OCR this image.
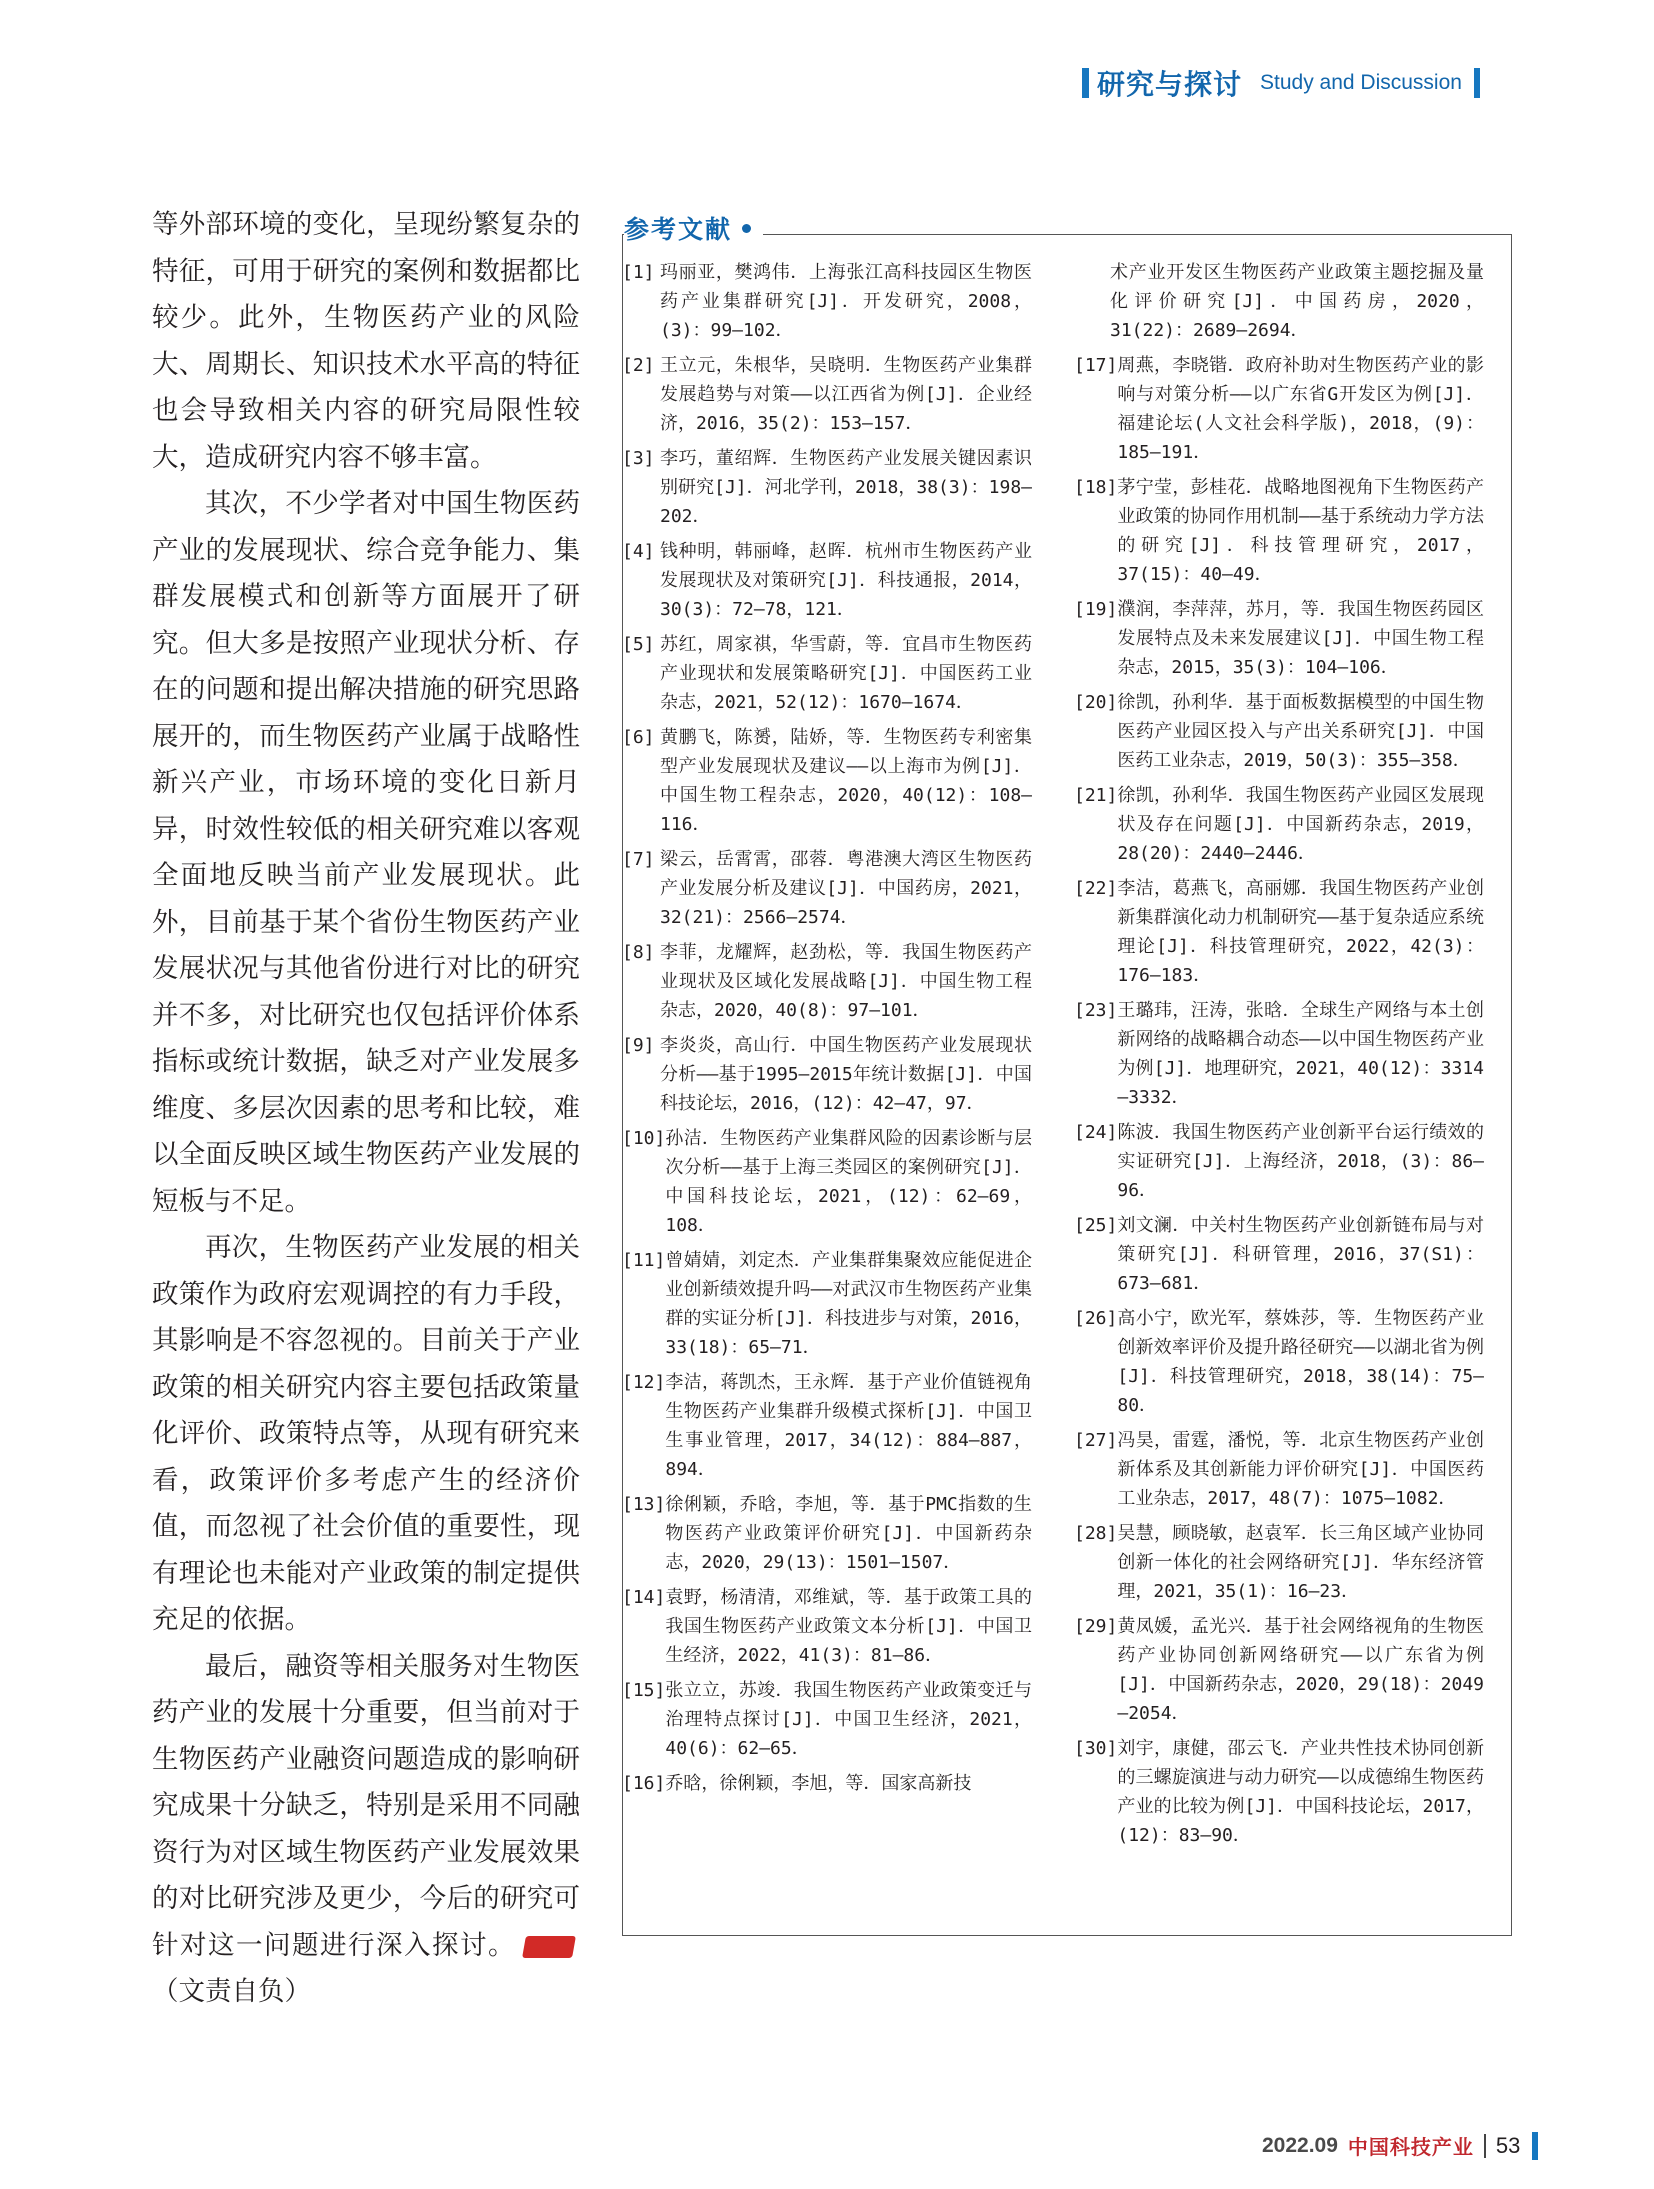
研究与探讨 Study and Discussion

等外部环境的变化，呈现纷繁复杂的特征，可用于研究的案例和数据都比较少。此外，生物医药产业的风险大、周期长、知识技术水平高的特征也会导致相关内容的研究局限性较大，造成研究内容不够丰富。

其次，不少学者对中国生物医药产业的发展现状、综合竞争能力、集群发展模式和创新等方面展开了研究。但大多是按照产业现状分析、存在的问题和提出解决措施的研究思路展开的，而生物医药产业属于战略性新兴产业，市场环境的变化日新月异，时效性较低的相关研究难以客观全面地反映当前产业发展现状。此外，目前基于某个省份生物医药产业发展状况与其他省份进行对比的研究并不多，对比研究也仅包括评价体系指标或统计数据，缺乏对产业发展多维度、多层次因素的思考和比较，难以全面反映区域生物医药产业发展的短板与不足。

再次，生物医药产业发展的相关政策作为政府宏观调控的有力手段，其影响是不容忽视的。目前关于产业政策的相关研究内容主要包括政策量化评价、政策特点等，从现有研究来看，政策评价多考虑产生的经济价值，而忽视了社会价值的重要性，现有理论也未能对产业政策的制定提供充足的依据。

最后，融资等相关服务对生物医药产业的发展十分重要，但当前对于生物医药产业融资问题造成的影响研究成果十分缺乏，特别是采用不同融资行为对区域生物医药产业发展效果的对比研究涉及更少，今后的研究可针对这一问题进行深入探讨。	STIC（文责自负）

参考文献
[1] 玛丽亚，樊鸿伟．上海张江高科技园区生物医药产业集群研究[J]．开发研究，2008，(3)：99—102．
[2] 王立元，朱根华，吴晓明．生物医药产业集群发展趋势与对策——以江西省为例[J]．企业经济，2016，35(2)：153—157．
[3] 李巧，董绍辉．生物医药产业发展关键因素识别研究[J]．河北学刊，2018，38(3)：198—202．
[4] 钱种明，韩丽峰，赵晖．杭州市生物医药产业发展现状及对策研究[J]．科技通报，2014，30(3)：72—78，121．
[5] 苏红，周家祺，华雪蔚，等．宜昌市生物医药产业现状和发展策略研究[J]．中国医药工业杂志，2021，52(12)：1670—1674．
[6] 黄鹏飞，陈赟，陆娇，等．生物医药专利密集型产业发展现状及建议——以上海市为例[J]．中国生物工程杂志，2020，40(12)：108—116．
[7] 梁云，岳霄霄，邵蓉．粤港澳大湾区生物医药产业发展分析及建议[J]．中国药房，2021，32(21)：2566—2574．
[8] 李菲，龙耀辉，赵劲松，等．我国生物医药产业现状及区域化发展战略[J]．中国生物工程杂志，2020，40(8)：97—101．
[9] 李炎炎，高山行．中国生物医药产业发展现状分析——基于1995—2015年统计数据[J]．中国科技论坛，2016，(12)：42—47，97．
[10] 孙洁．生物医药产业集群风险的因素诊断与层次分析——基于上海三类园区的案例研究[J]．中国科技论坛，2021，(12)：62—69，108．
[11] 曾婧婧，刘定杰．产业集群集聚效应能促进企业创新绩效提升吗——对武汉市生物医药产业集群的实证分析[J]．科技进步与对策，2016，33(18)：65—71．
[12] 李洁，蒋凯杰，王永辉．基于产业价值链视角生物医药产业集群升级模式探析[J]．中国卫生事业管理，2017，34(12)：884—887，894．
[13] 徐俐颖，乔晗，李旭，等．基于PMC指数的生物医药产业政策评价研究[J]．中国新药杂志，2020，29(13)：1501—1507．
[14] 袁野，杨清清，邓维斌，等．基于政策工具的我国生物医药产业政策文本分析[J]．中国卫生经济，2022，41(3)：81—86．
[15] 张立立，苏竣．我国生物医药产业政策变迁与治理特点探讨[J]．中国卫生经济，2021，40(6)：62—65．
[16] 乔晗，徐俐颖，李旭，等．国家高新技
术产业开发区生物医药产业政策主题挖掘及量化评价研究[J]．中国药房，2020，31(22)：2689—2694．
[17] 周燕，李晓锴．政府补助对生物医药产业的影响与对策分析——以广东省G开发区为例[J]．福建论坛(人文社会科学版)，2018，(9)：185—191．
[18] 茅宁莹，彭桂花．战略地图视角下生物医药产业政策的协同作用机制——基于系统动力学方法的研究[J]．科技管理研究，2017，37(15)：40—49．
[19] 濮润，李萍萍，苏月，等．我国生物医药园区发展特点及未来发展建议[J]．中国生物工程杂志，2015，35(3)：104—106．
[20] 徐凯，孙利华．基于面板数据模型的中国生物医药产业园区投入与产出关系研究[J]．中国医药工业杂志，2019，50(3)：355—358．
[21] 徐凯，孙利华．我国生物医药产业园区发展现状及存在问题[J]．中国新药杂志，2019，28(20)：2440—2446．
[22] 李洁，葛燕飞，高丽娜．我国生物医药产业创新集群演化动力机制研究——基于复杂适应系统理论[J]．科技管理研究，2022，42(3)：176—183．
[23] 王璐玮，汪涛，张晗．全球生产网络与本土创新网络的战略耦合动态——以中国生物医药产业为例[J]．地理研究，2021，40(12)：3314—3332．
[24] 陈波．我国生物医药产业创新平台运行绩效的实证研究[J]．上海经济，2018，(3)：86—96．
[25] 刘文澜．中关村生物医药产业创新链布局与对策研究[J]．科研管理，2016，37(S1)：673—681．
[26] 高小宁，欧光军，蔡姝莎，等．生物医药产业创新效率评价及提升路径研究——以湖北省为例[J]．科技管理研究，2018，38(14)：75—80．
[27] 冯昊，雷霆，潘悦，等．北京生物医药产业创新体系及其创新能力评价研究[J]．中国医药工业杂志，2017，48(7)：1075—1082．
[28] 吴慧，顾晓敏，赵袁军．长三角区域产业协同创新一体化的社会网络研究[J]．华东经济管理，2021，35(1)：16—23．
[29] 黄凤媛，孟光兴．基于社会网络视角的生物医药产业协同创新网络研究——以广东省为例[J]．中国新药杂志，2020，29(18)：2049—2054．
[30] 刘宇，康健，邵云飞．产业共性技术协同创新的三螺旋演进与动力研究——以成德绵生物医药产业的比较为例[J]．中国科技论坛，2017，(12)：83—90．
2022.09 中国科技产业 53
